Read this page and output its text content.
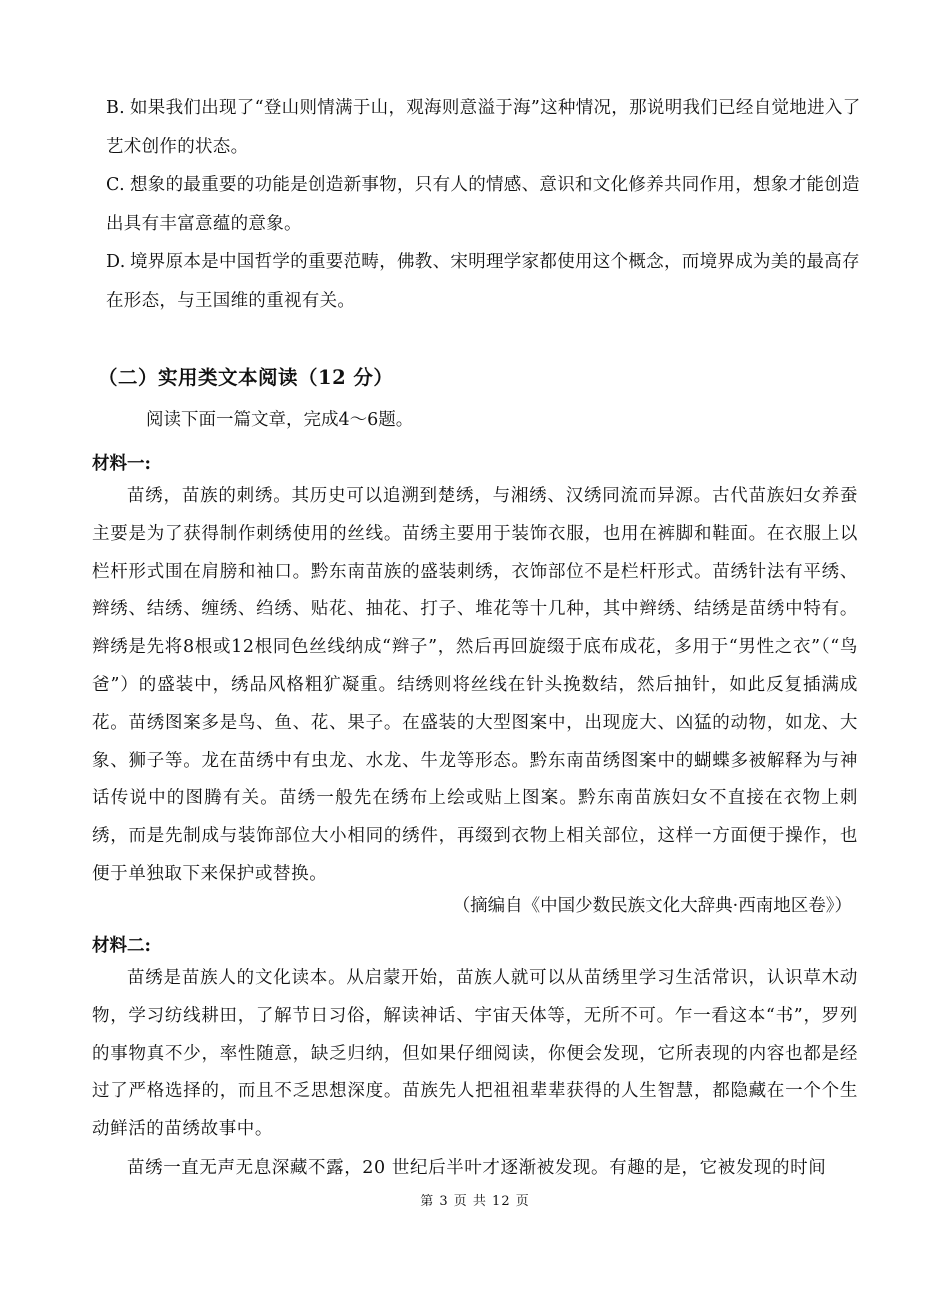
B. 如果我们出现了“登山则情满于山，观海则意溢于海”这种情况，那说明我们已经自觉地进入了艺术创作的状态。
C. 想象的最重要的功能是创造新事物，只有人的情感、意识和文化修养共同作用，想象才能创造出具有丰富意蕴的意象。
D. 境界原本是中国哲学的重要范畴，佛教、宋明理学家都使用这个概念，而境界成为美的最高存在形态，与王国维的重视有关。
（二）实用类文本阅读（12 分）
阅读下面一篇文章，完成4～6题。
材料一:
苗绣，苗族的刺绣。其历史可以追溯到楚绣，与湘绣、汉绣同流而异源。古代苗族妇女养蚕主要是为了获得制作刺绣使用的丝线。苗绣主要用于装饰衣服，也用在裤脚和鞋面。在衣服上以栏杆形式围在肩膀和袖口。黔东南苗族的盛装刺绣，衣饰部位不是栏杆形式。苗绣针法有平绣、辫绣、结绣、缠绣、绉绣、贴花、抽花、打子、堆花等十几种，其中辫绣、结绣是苗绣中特有。辫绣是先将8根或12根同色丝线纳成“辫子”，然后再回旋缀于底布成花，多用于“男性之衣”（“鸟爸”）的盛装中，绣品风格粗犷凝重。结绣则将丝线在针头挽数结，然后抽针，如此反复插满成花。苗绣图案多是鸟、鱼、花、果子。在盛装的大型图案中，出现庞大、凶猛的动物，如龙、大象、狮子等。龙在苗绣中有虫龙、水龙、牛龙等形态。黔东南苗绣图案中的蝴蝶多被解释为与神话传说中的图腾有关。苗绣一般先在绣布上绘或贴上图案。黔东南苗族妇女不直接在衣物上刺绣，而是先制成与装饰部位大小相同的绣件，再缀到衣物上相关部位，这样一方面便于操作，也便于单独取下来保护或替换。
（摘编自《中国少数民族文化大辞典·西南地区卷》）
材料二:
苗绣是苗族人的文化读本。从启蒙开始，苗族人就可以从苗绣里学习生活常识，认识草木动物，学习纺线耕田，了解节日习俗，解读神话、宇宙天体等，无所不可。乍一看这本“书”，罗列的事物真不少，率性随意，缺乏归纳，但如果仔细阅读，你便会发现，它所表现的内容也都是经过了严格选择的，而且不乏思想深度。苗族先人把祖祖辈辈获得的人生智慧，都隐藏在一个个生动鲜活的苗绣故事中。
苗绣一直无声无息深藏不露，20 世纪后半叶才逐渐被发现。有趣的是，它被发现的时间
第 3 页 共 12 页
